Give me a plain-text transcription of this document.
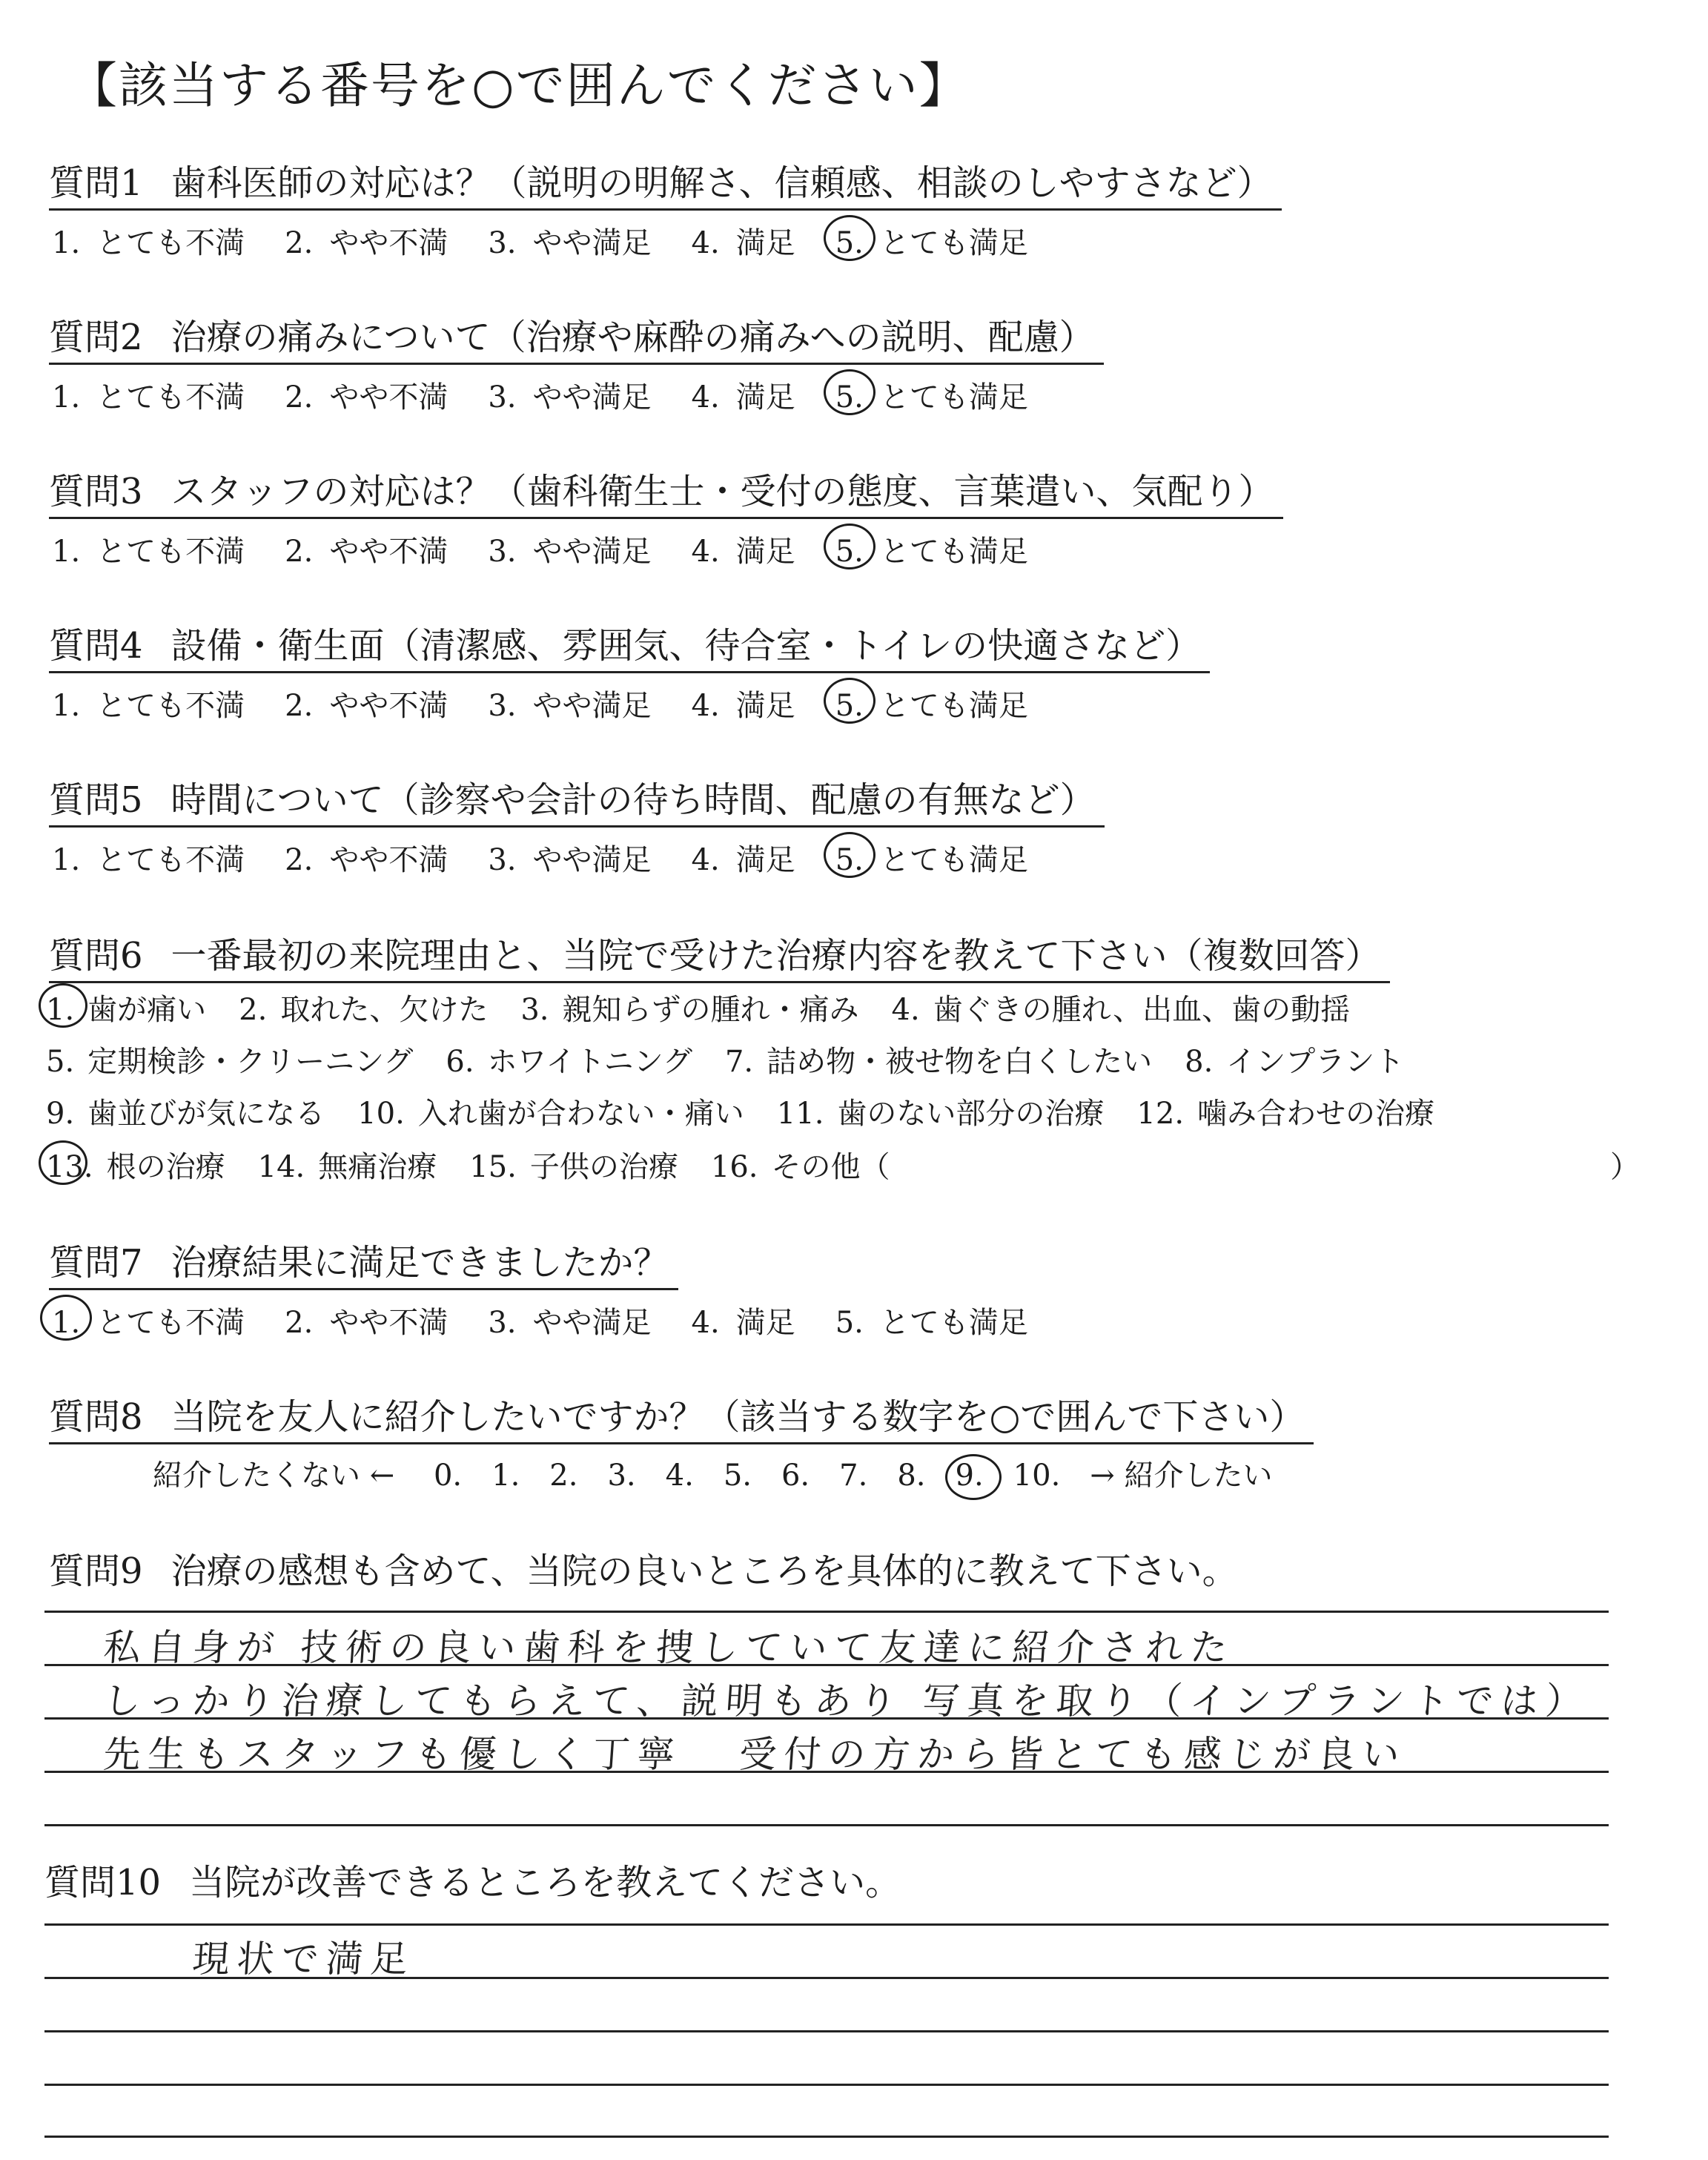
【該当する番号を○で囲んでください】
質問1 歯科医師の対応は？（説明の明解さ、信頼感、相談のしやすさなど）
1. とても不満 2. やや不満 3. やや満足 4. 満足 5. とても満足
質問2 治療の痛みについて（治療や麻酔の痛みへの説明、配慮）
1. とても不満 2. やや不満 3. やや満足 4. 満足 5. とても満足
質問3 スタッフの対応は？（歯科衛生士・受付の態度、言葉遣い、気配り）
1. とても不満 2. やや不満 3. やや満足 4. 満足 5. とても満足
質問4 設備・衛生面（清潔感、雰囲気、待合室・トイレの快適さなど）
1. とても不満 2. やや不満 3. やや満足 4. 満足 5. とても満足
質問5 時間について（診察や会計の待ち時間、配慮の有無など）
1. とても不満 2. やや不満 3. やや満足 4. 満足 5. とても満足
質問6 一番最初の来院理由と、当院で受けた治療内容を教えて下さい（複数回答）
1. 歯が痛い 2. 取れた、欠けた 3. 親知らずの腫れ・痛み 4. 歯ぐきの腫れ、出血、歯の動揺
5. 定期検診・クリーニング 6. ホワイトニング 7. 詰め物・被せ物を白くしたい 8. インプラント
9. 歯並びが気になる 10. 入れ歯が合わない・痛い 11. 歯のない部分の治療 12. 噛み合わせの治療
13. 根の治療 14. 無痛治療 15. 子供の治療 16. その他（	）
質問7 治療結果に満足できましたか？
1. とても不満 2. やや不満 3. やや満足 4. 満足 5. とても満足
質問8 当院を友人に紹介したいですか？（該当する数字を○で囲んで下さい）
紹介したくない ← 0. 1. 2. 3. 4. 5. 6. 7. 8. 9. 10. → 紹介したい
質問9 治療の感想も含めて、当院の良いところを具体的に教えて下さい。
私自身が 技術の良い歯科を捜していて友達に紹介された
しっかり治療してもらえて、説明もあり 写真を取り（インプラントでは）
先生もスタッフも優しく丁寧   受付の方から皆とても感じが良い
質問10 当院が改善できるところを教えてください。
現状で満足
